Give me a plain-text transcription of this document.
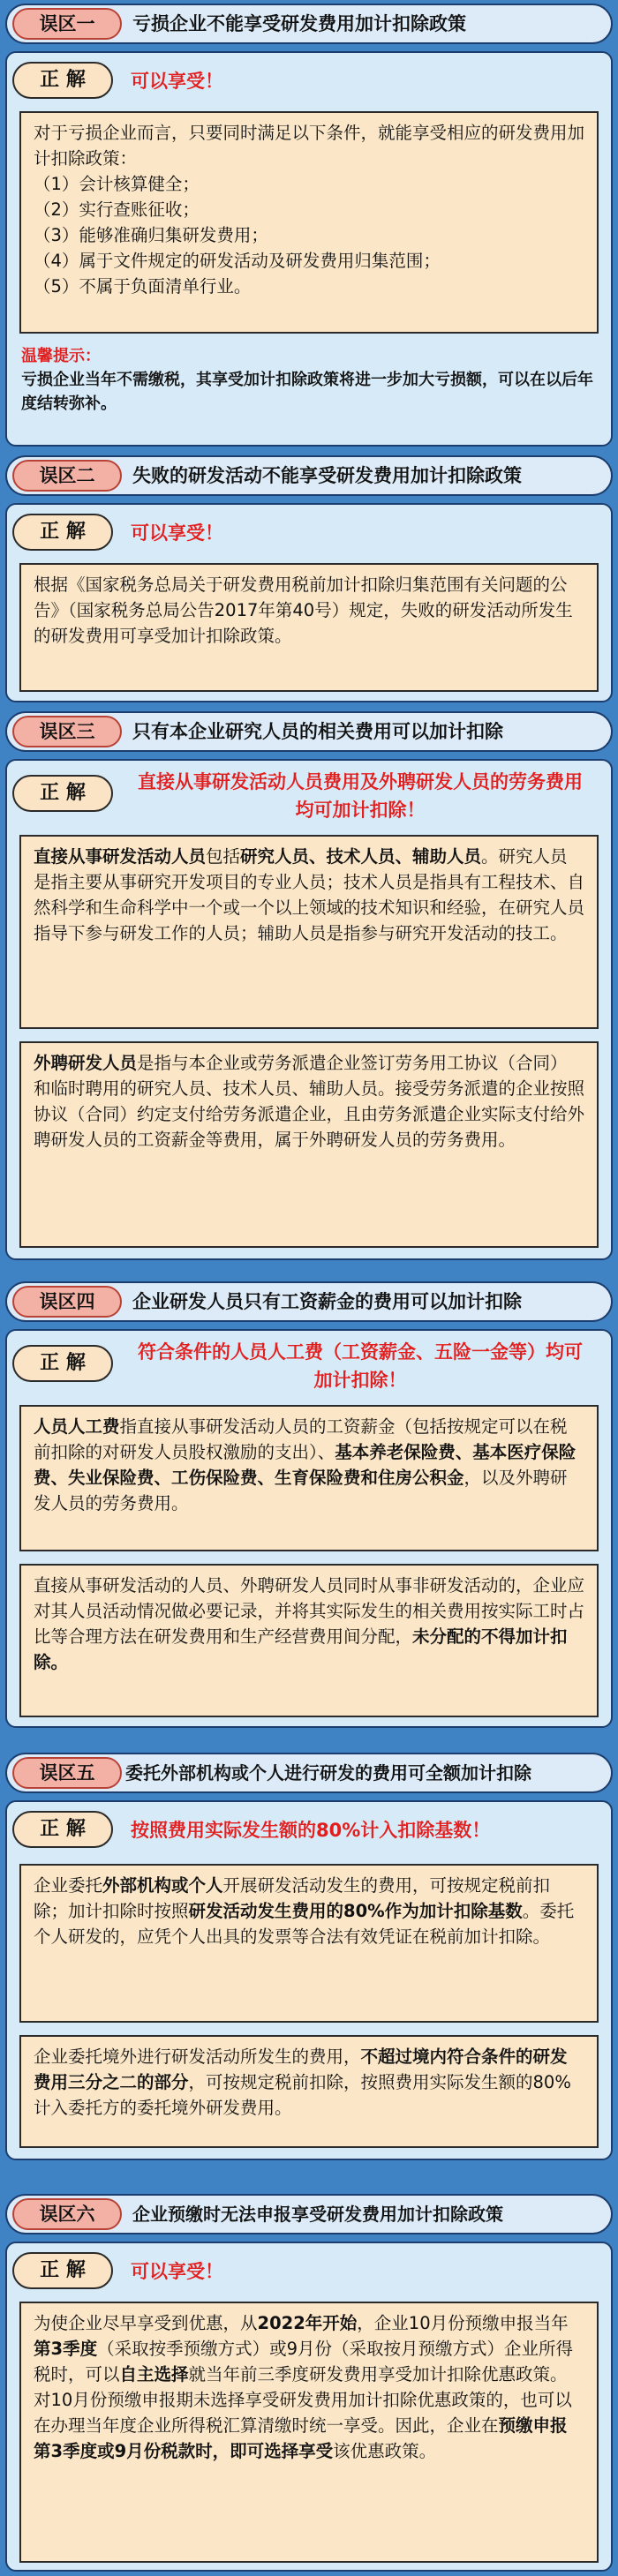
误区一	亏损企业不能享受研发费用加计扣除政策
正 解	可以享受！

对于亏损企业而言，只要同时满足以下条件，就能享受相应的研发费用加计扣除政策：

（1）会计核算健全；

（2）实行查账征收；

（3）能够准确归集研发费用；

（4）属于文件规定的研发活动及研发费用归集范围；

（5）不属于负面清单行业。

温馨提示：
亏损企业当年不需缴税，其享受加计扣除政策将进一步加大亏损额，可以在以后年度结转弥补。
误区二	失败的研发活动不能享受研发费用加计扣除政策
正 解	可以享受！

根据《国家税务总局关于研发费用税前加计扣除归集范围有关问题的公告》（国家税务总局公告2017年第40号）规定，失败的研发活动所发生的研发费用可享受加计扣除政策。

误区三	只有本企业研究人员的相关费用可以加计扣除
正 解	直接从事研发活动人员费用及外聘研发人员的劳务费用均可加计扣除！

直接从事研发活动人员包括研究人员、技术人员、辅助人员。研究人员是指主要从事研究开发项目的专业人员；技术人员是指具有工程技术、自然科学和生命科学中一个或一个以上领域的技术知识和经验，在研究人员指导下参与研发工作的人员；辅助人员是指参与研究开发活动的技工。

外聘研发人员是指与本企业或劳务派遣企业签订劳务用工协议（合同）和临时聘用的研究人员、技术人员、辅助人员。接受劳务派遣的企业按照协议（合同）约定支付给劳务派遣企业，且由劳务派遣企业实际支付给外聘研发人员的工资薪金等费用，属于外聘研发人员的劳务费用。

误区四	企业研发人员只有工资薪金的费用可以加计扣除
正 解	符合条件的人员人工费（工资薪金、五险一金等）均可加计扣除！

人员人工费指直接从事研发活动人员的工资薪金（包括按规定可以在税前扣除的对研发人员股权激励的支出）、基本养老保险费、基本医疗保险费、失业保险费、工伤保险费、生育保险费和住房公积金，以及外聘研发人员的劳务费用。

直接从事研发活动的人员、外聘研发人员同时从事非研发活动的，企业应对其人员活动情况做必要记录，并将其实际发生的相关费用按实际工时占比等合理方法在研发费用和生产经营费用间分配，未分配的不得加计扣除。

误区五	委托外部机构或个人进行研发的费用可全额加计扣除
正 解	按照费用实际发生额的80%计入扣除基数！

企业委托外部机构或个人开展研发活动发生的费用，可按规定税前扣除；加计扣除时按照研发活动发生费用的80%作为加计扣除基数。委托个人研发的，应凭个人出具的发票等合法有效凭证在税前加计扣除。

企业委托境外进行研发活动所发生的费用，不超过境内符合条件的研发费用三分之二的部分，可按规定税前扣除，按照费用实际发生额的80%计入委托方的委托境外研发费用。

误区六	企业预缴时无法申报享受研发费用加计扣除政策
正 解	可以享受！

为使企业尽早享受到优惠，从2022年开始，企业10月份预缴申报当年第3季度（采取按季预缴方式）或9月份（采取按月预缴方式）企业所得税时，可以自主选择就当年前三季度研发费用享受加计扣除优惠政策。对10月份预缴申报期未选择享受研发费用加计扣除优惠政策的，也可以在办理当年度企业所得税汇算清缴时统一享受。因此，企业在预缴申报第3季度或9月份税款时，即可选择享受该优惠政策。
